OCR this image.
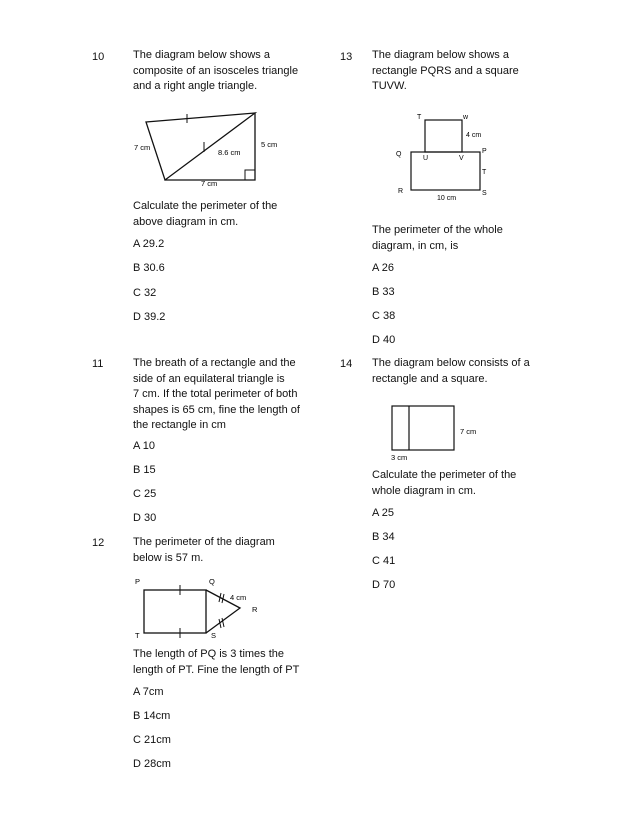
10	The diagram below shows a
composite of an isosceles triangle
and a right angle triangle.
7 cm
8.6 cm
5 cm
7 cm
Calculate the perimeter of the
above diagram in cm.
A 29.2
B 30.6
C 32
D 39.2
11	The breath of a rectangle and the
side of an equilateral triangle is
7 cm. If the total perimeter of both
shapes is 65 cm, fine the length of
the rectangle in cm
A 10
B 15
C 25
D 30
12	The perimeter of the diagram
below is 57 m.
P	Q
4 cm
R
T	S
The length of PQ is 3 times the
length of PT. Fine the length of PT
A 7cm
B 14cm
C 21cm
D 28cm
13 The diagram below shows a
rectangle PQRS and a square
TUVW.
T	w
4 cm
Q
U	V
P
T
R
10 cm
S
The perimeter of the whole
diagram, in cm, is
A 26
B 33
C 38
D 40
14 The diagram below consists of a
rectangle and a square.
7 cm
3 cm
Calculate the perimeter of the
whole diagram in cm.
A 25
B 34
C 41
D 70
